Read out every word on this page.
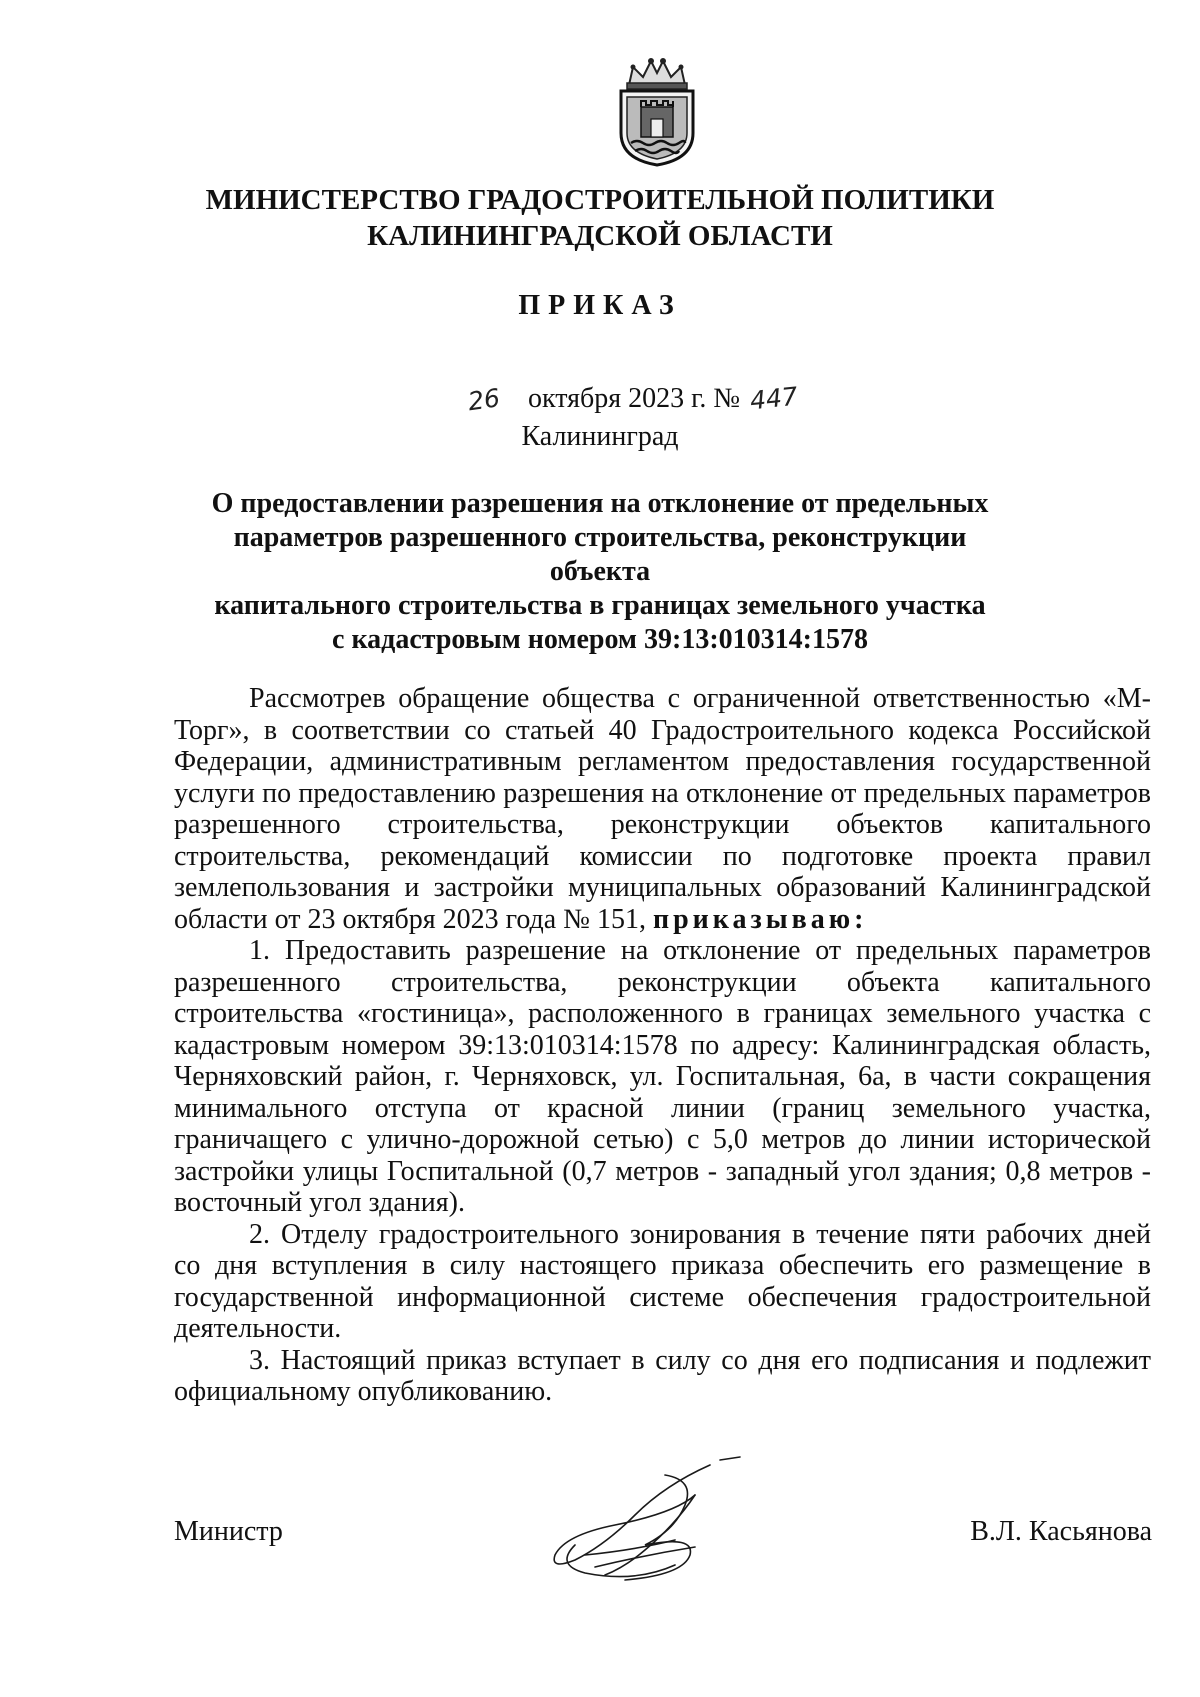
МИНИСТЕРСТВО ГРАДОСТРОИТЕЛЬНОЙ ПОЛИТИКИ
КАЛИНИНГРАДСКОЙ ОБЛАСТИ
ПРИКАЗ
26 октября 2023 г. № 447
Калининград
О предоставлении разрешения на отклонение от предельных
параметров разрешенного строительства, реконструкции объекта
капитального строительства в границах земельного участка
с кадастровым номером 39:13:010314:1578

Рассмотрев обращение общества с ограниченной ответственностью «М-Торг», в соответствии со статьей 40 Градостроительного кодекса Российской Федерации, административным регламентом предоставления государственной услуги по предоставлению разрешения на отклонение от предельных параметров разрешенного строительства, реконструкции объектов капитального строительства, рекомендаций комиссии по подготовке проекта правил землепользования и застройки муниципальных образований Калининградской области от 23 октября 2023 года № 151, приказываю:

1. Предоставить разрешение на отклонение от предельных параметров разрешенного строительства, реконструкции объекта капитального строительства «гостиница», расположенного в границах земельного участка с кадастровым номером 39:13:010314:1578 по адресу: Калининградская область, Черняховский район, г. Черняховск, ул. Госпитальная, 6а, в части сокращения минимального отступа от красной линии (границ земельного участка, граничащего с улично-дорожной сетью) с 5,0 метров до линии исторической застройки улицы Госпитальной (0,7 метров - западный угол здания; 0,8 метров - восточный угол здания).

2. Отделу градостроительного зонирования в течение пяти рабочих дней со дня вступления в силу настоящего приказа обеспечить его размещение в государственной информационной системе обеспечения градостроительной деятельности.

3. Настоящий приказ вступает в силу со дня его подписания и подлежит официальному опубликованию.

Министр	В.Л. Касьянова
